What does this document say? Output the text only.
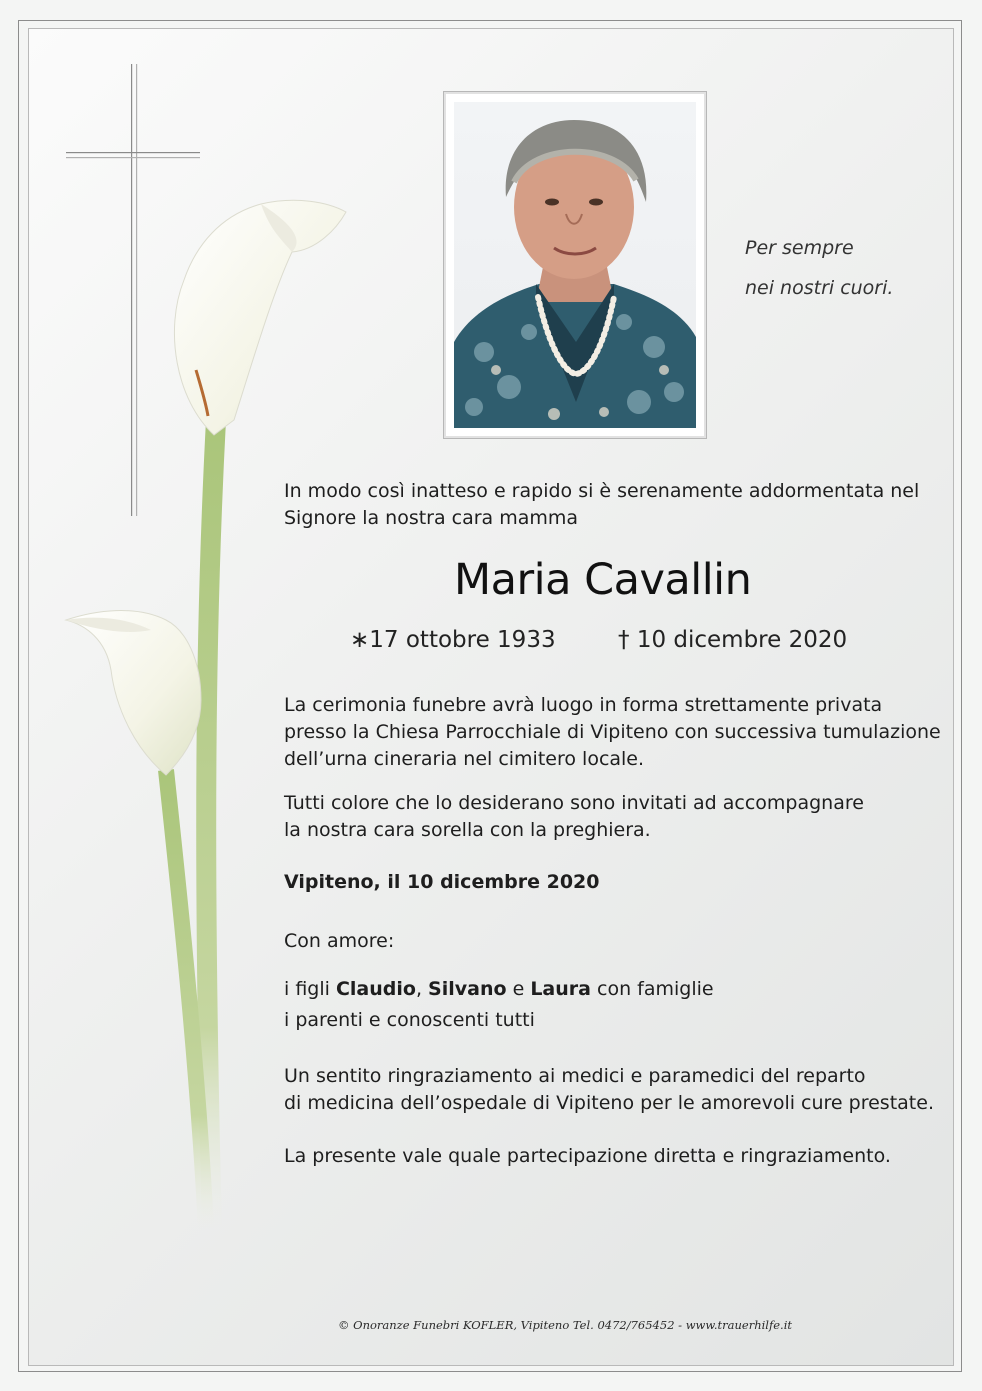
Per sempre
nei nostri cuori.
In modo così inatteso e rapido si è serenamente addormentata nel
Signore la nostra cara mamma
Maria Cavallin
∗17 ottobre 1933	† 10 dicembre 2020
La cerimonia funebre avrà luogo in forma strettamente privata
presso la Chiesa Parrocchiale di Vipiteno con successiva tumulazione
dell’urna cineraria nel cimitero locale.
Tutti colore che lo desiderano sono invitati ad accompagnare
la nostra cara sorella con la preghiera.
Vipiteno, il 10 dicembre 2020
Con amore:
i figli Claudio, Silvano e Laura con famiglie
i parenti e conoscenti tutti
Un sentito ringraziamento ai medici e paramedici del reparto
di medicina dell’ospedale di Vipiteno per le amorevoli cure prestate.
La presente vale quale partecipazione diretta e ringraziamento.
© Onoranze Funebri KOFLER, Vipiteno Tel. 0472/765452 - www.trauerhilfe.it
